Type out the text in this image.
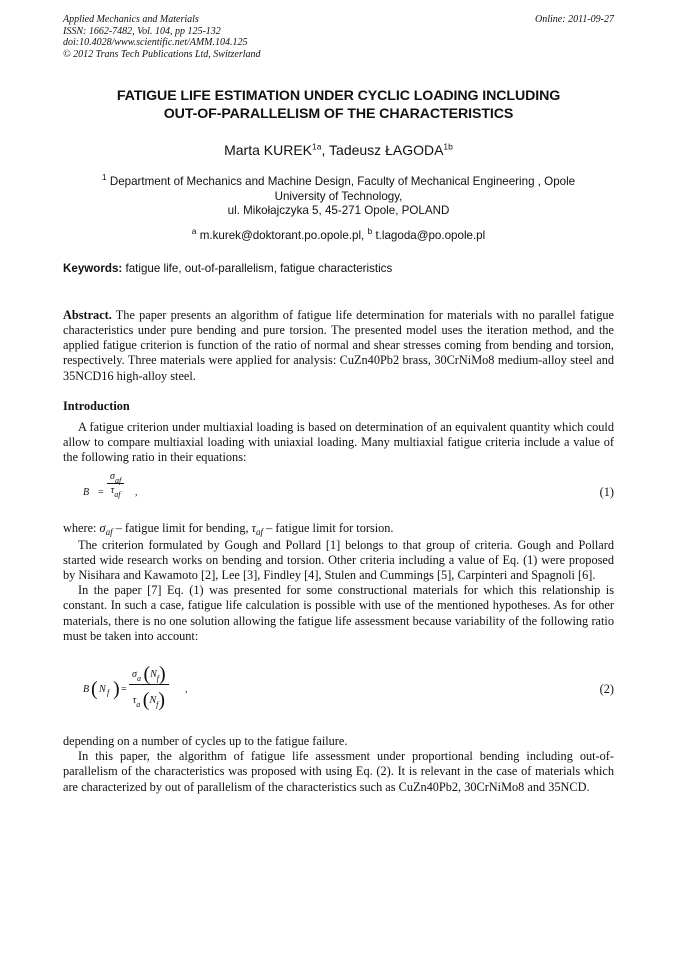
Applied Mechanics and Materials
ISSN: 1662-7482, Vol. 104, pp 125-132
doi:10.4028/www.scientific.net/AMM.104.125
© 2012 Trans Tech Publications Ltd, Switzerland
Online: 2011-09-27
FATIGUE LIFE ESTIMATION UNDER CYCLIC LOADING INCLUDING
OUT-OF-PARALLELISM OF THE CHARACTERISTICS
Marta $KUREK^{1a}$, Tadeusz $ŁAGODA^{1b}$
$^1$ Department of Mechanics and Machine Design, Faculty of Mechanical Engineering , Opole
University of Technology,
ul. Mikołajczyka 5, 45-271 Opole, POLAND
$^a$ m.kurek@doktorant.po.opole.pl, $^b$ t.lagoda@po.opole.pl
Keywords: fatigue life, out-of-parallelism, fatigue characteristics
Abstract. The paper presents an algorithm of fatigue life determination for materials with no parallel fatigue characteristics under pure bending and pure torsion. The presented model uses the iteration method, and the applied fatigue criterion is function of the ratio of normal and shear stresses coming from bending and torsion, respectively. Three materials were applied for analysis: CuZn40Pb2 brass, 30CrNiMo8 medium-alloy steel and 35NCD16 high-alloy steel.
Introduction
A fatigue criterion under multiaxial loading is based on determination of an equivalent quantity which could allow to compare multiaxial loading with uniaxial loading. Many multiaxial fatigue criteria include a value of the following ratio in their equations:
B =
$\sigma_{af}$
$\tau_{af}$	,	(1)
where: $\sigma_{af}$ – fatigue limit for bending, $\tau_{af}$ – fatigue limit for torsion.
The criterion formulated by Gough and Pollard [1] belongs to that group of criteria. Gough and Pollard started wide research works on bending and torsion. Other criteria including a value of Eq. (1) were proposed by Nisihara and Kawamoto [2], Lee [3], Findley [4], Stulen and Cummings [5], Carpinteri and Spagnoli [6].
In the paper [7] Eq. (1) was presented for some constructional materials for which this relationship is constant. In such a case, fatigue life calculation is possible with use of the mentioned hypotheses. As for other materials, there is no one solution allowing the fatigue life assessment because variability of the following ratio must be taken into account:
B ( N f ) = $\frac{\sigma_a (N_f)}{\tau_a (N_f)}$ ,	(2)
depending on a number of cycles up to the fatigue failure.
In this paper, the algorithm of fatigue life assessment under proportional bending including out-of-parallelism of the characteristics was proposed with using Eq. (2). It is relevant in the case of materials which are characterized by out of parallelism of the characteristics such as CuZn40Pb2, 30CrNiMo8 and 35NCD.
